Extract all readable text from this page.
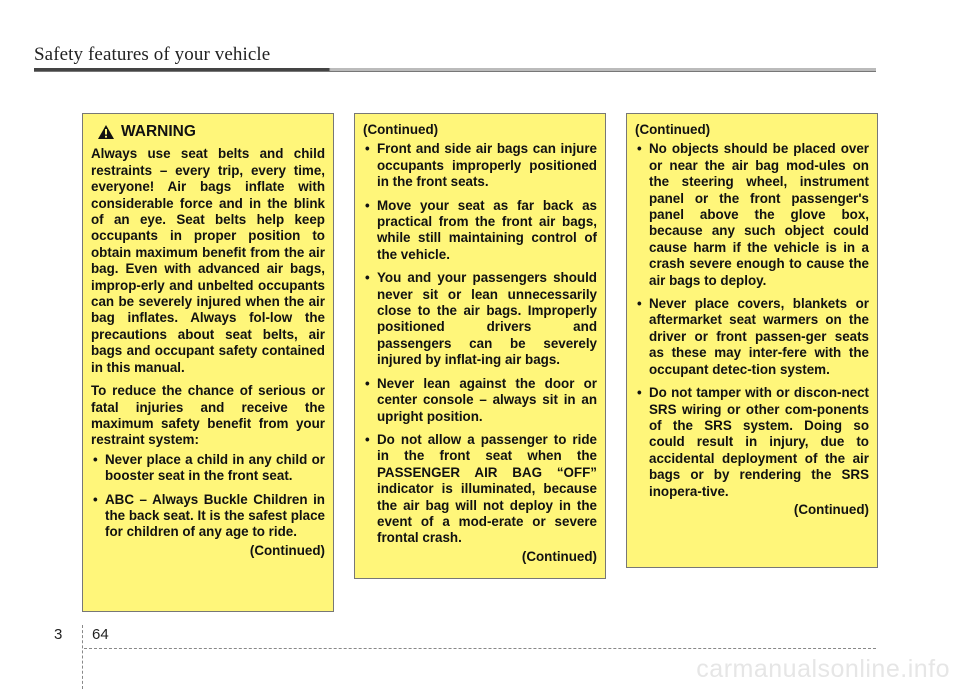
Safety features of your vehicle
WARNING

Always use seat belts and child restraints – every trip, every time, everyone! Air bags inflate with considerable force and in the blink of an eye. Seat belts help keep occupants in proper position to obtain maximum benefit from the air bag. Even with advanced air bags, improp-erly and unbelted occupants can be severely injured when the air bag inflates. Always fol-low the precautions about seat belts, air bags and occupant safety contained in this manual.

To reduce the chance of serious or fatal injuries and receive the maximum safety benefit from your restraint system:

• Never place a child in any child or booster seat in the front seat.
• ABC – Always Buckle Children in the back seat. It is the safest place for children of any age to ride.
(Continued)
(Continued)
• Front and side air bags can injure occupants improperly positioned in the front seats.
• Move your seat as far back as practical from the front air bags, while still maintaining control of the vehicle.
• You and your passengers should never sit or lean unnecessarily close to the air bags. Improperly positioned drivers and passengers can be severely injured by inflat-ing air bags.
• Never lean against the door or center console – always sit in an upright position.
• Do not allow a passenger to ride in the front seat when the PASSENGER AIR BAG “OFF” indicator is illuminated, because the air bag will not deploy in the event of a mod-erate or severe frontal crash.
(Continued)
(Continued)
• No objects should be placed over or near the air bag mod-ules on the steering wheel, instrument panel or the front passenger's panel above the glove box, because any such object could cause harm if the vehicle is in a crash severe enough to cause the air bags to deploy.
• Never place covers, blankets or aftermarket seat warmers on the driver or front passen-ger seats as these may inter-fere with the occupant detec-tion system.
• Do not tamper with or discon-nect SRS wiring or other com-ponents of the SRS system. Doing so could result in injury, due to accidental deployment of the air bags or by rendering the SRS inopera-tive.
(Continued)
3 64
carmanualsonline.info
